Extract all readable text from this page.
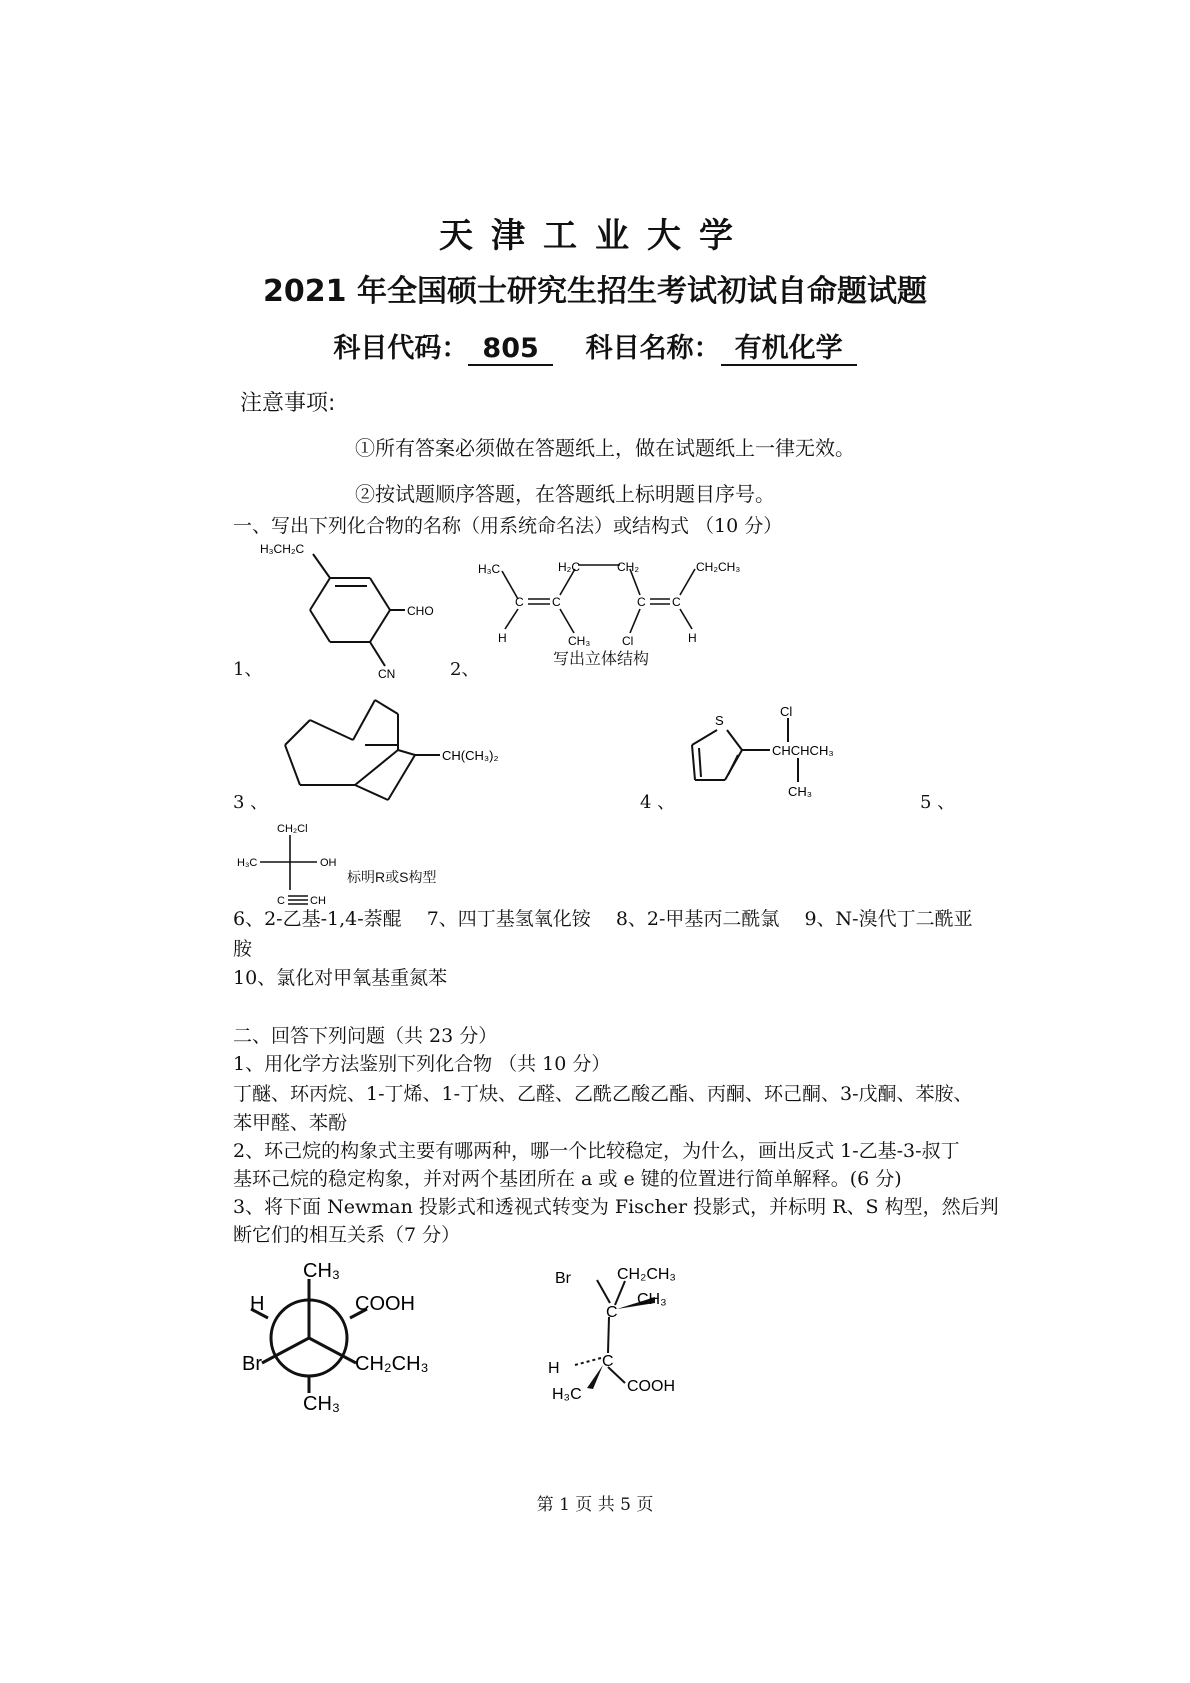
天津工业大学
2021 年全国硕士研究生招生考试初试自命题试题
科目代码： 805 科目名称： 有机化学
注意事项:
①所有答案必须做在答题纸上，做在试题纸上一律无效。
②按试题顺序答题，在答题纸上标明题目序号。
一、写出下列化合物的名称（用系统命名法）或结构式 （10 分）
H₃CH₂C
CHO
CN
1、
H₃C	H₂C	CH₂	CH₂CH₃
C C	C C
H	CH₃	Cl	H
写出立体结构
2、
CH(CH₃)₂
3 、
S
Cl
CHCHCH₃
CH₃
4 、	5 、
CH₂Cl
H₃C	OH
C CH
标明R或S构型
6、2-乙基-1,4-萘醌　 7、四丁基氢氧化铵　 8、2-甲基丙二酰氯　 9、N-溴代丁二酰亚
胺
10、氯化对甲氧基重氮苯
二、回答下列问题（共 23 分）
1、用化学方法鉴别下列化合物 （共 10 分）
丁醚、环丙烷、1-丁烯、1-丁炔、乙醛、乙酰乙酸乙酯、丙酮、环己酮、3-戊酮、苯胺、
苯甲醛、苯酚
2、环己烷的构象式主要有哪两种，哪一个比较稳定，为什么，画出反式 1-乙基-3-叔丁
基环己烷的稳定构象，并对两个基团所在 a 或 e 键的位置进行简单解释。(6 分)
3、将下面 Newman 投影式和透视式转变为 Fischer 投影式，并标明 R、S 构型，然后判
断它们的相互关系（7 分）
CH₃
H	COOH
Br	CH₂CH₃
CH₃
Br	CH₂CH₃
CH₃
C
C
H
H₃C	COOH
第 1 页 共 5 页
